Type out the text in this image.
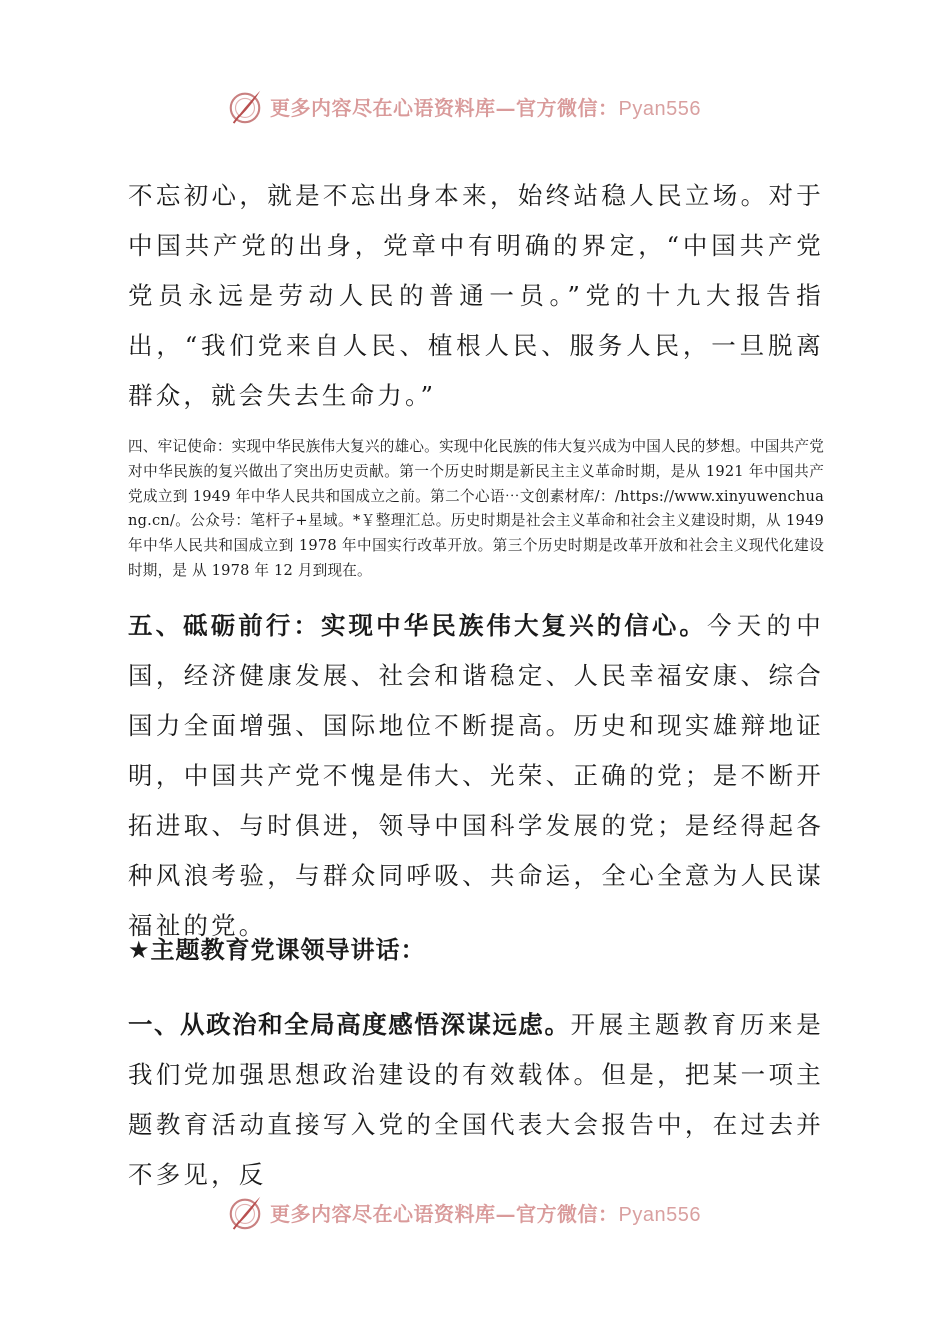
更多内容尽在心语资料库—官方微信：Pyan556

不忘初心，就是不忘出身本来，始终站稳人民立场。对于中国共产党的出身，党章中有明确的界定，“中国共产党党员永远是劳动人民的普通一员。”党的十九大报告指出，“我们党来自人民、植根人民、服务人民，一旦脱离群众，就会失去生命力。”

四、牢记使命：实现中华民族伟大复兴的雄心。实现中化民族的伟大复兴成为中国人民的梦想。中国共产党 对中华民族的复兴做出了突出历史贡献。第一个历史时期是新民主主义革命时期，是从 1921 年中国共产党成立到 1949 年中华人民共和国成立之前。第二个心语⋯文创素材库/：/https://www.xinyuwenchuang.cn/。公众号：笔杆子+星域。*￥整理汇总。历史时期是社会主义革命和社会主义建设时期，从 1949 年中华人民共和国成立到 1978 年中国实行改革开放。第三个历史时期是改革开放和社会主义现代化建设时期，是 从 1978 年 12 月到现在。

五、砥砺前行：实现中华民族伟大复兴的信心。今天的中国，经济健康发展、社会和谐稳定、人民幸福安康、综合国力全面增强、国际地位不断提高。历史和现实雄辩地证明，中国共产党不愧是伟大、光荣、正确的党；是不断开拓进取、与时俱进，领导中国科学发展的党；是经得起各种风浪考验，与群众同呼吸、共命运，全心全意为人民谋福祉的党。

★主题教育党课领导讲话：

一、从政治和全局高度感悟深谋远虑。开展主题教育历来是我们党加强思想政治建设的有效载体。但是，把某一项主题教育活动直接写入党的全国代表大会报告中，在过去并不多见，反

更多内容尽在心语资料库—官方微信：Pyan556
